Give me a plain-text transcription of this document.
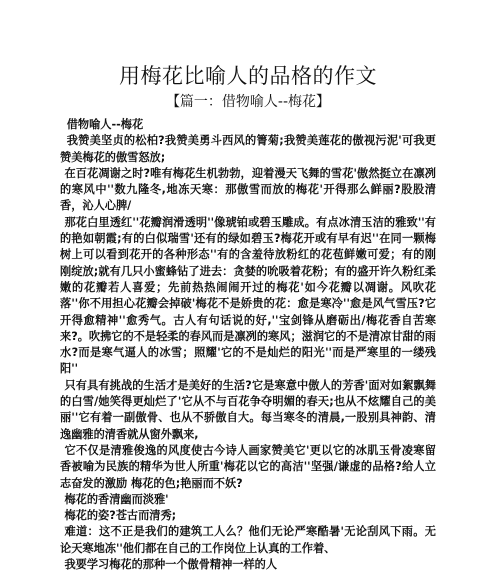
用梅花比喻人的品格的作文
【篇一：借物喻人--梅花】

借物喻人--梅花

我赞美坚贞的松柏?我赞美勇斗西风的箐菊;我赞美莲花的傲视污泥'可我更赞美梅花的傲雪怒放;

在百花凋谢之时?唯有梅花生机勃勃，迎着漫天飞舞的雪花'傲然挺立在凛冽的寒风中''数九隆冬,地冻天寒：那傲雪而放的梅花'开得那么鲜丽?股股清香，沁人心脾/

那花白里透红''花瓣润滑透明''像琥铂或碧玉雕成。有点冰清玉洁的雅致''有的艳如朝霞;有的白似瑞雪'还有的绿如碧玉?梅花开或有早有迟''在同一颗梅树上可以看到花开的各种形态''有的含羞待放粉红的花苞鲜嫩可爱；有的刚刚绽放;就有几只小蜜蜂钻了进去：贪婪的吮吸着花粉；有的盛开许久粉红柔嫩的花瓣若人喜爱；先前热热闹闹开过的梅花'如今花瓣以凋谢。风吹花落''你不用担心花瓣会掉破'梅花不是娇贵的花：愈是寒冷''愈是风气雪压?它开得愈精神''愈秀气。古人有句话说的好,''宝剑锋从磨砺出/梅花香自苦寒来?。吹拂它的不是轻柔的春风而是凛冽的寒风；滋润它的不是清凉甘甜的雨水?而是寒气逼人的冰雪；照耀'它的不是灿烂的阳光''而是严寒里的一缕残阳''

只有具有挑战的生活才是美好的生活?它是寒意中傲人的芳香'面对如絮飘舞的白雪/她笑得更灿烂了'它从不与百花争夺明媚的春天;也从不炫耀自己的美丽''它有着一副傲骨、也从不骄傲自大。每当寒冬的清晨,一股别具神韵、清逸幽雅的清香就从窗外飘来,

它不仅是清雅俊逸的风度使古今诗人画家赞美它'更以它的冰肌玉骨凌寒留香被喻为民族的精华为世人所重'梅花以它的高洁''坚强/谦虚的品格?给人立志奋发的激励 梅花的色;艳丽而不妖?

梅花的香清幽而淡雅'

梅花的姿?苍古而清秀;

难道：这不正是我们的建筑工人么？他们无论严寒酷暑'无论刮风下雨。无论天寒地冻''他们都在自己的工作岗位上认真的工作着、

我要学习梅花的那种一个傲骨精神一样的人
